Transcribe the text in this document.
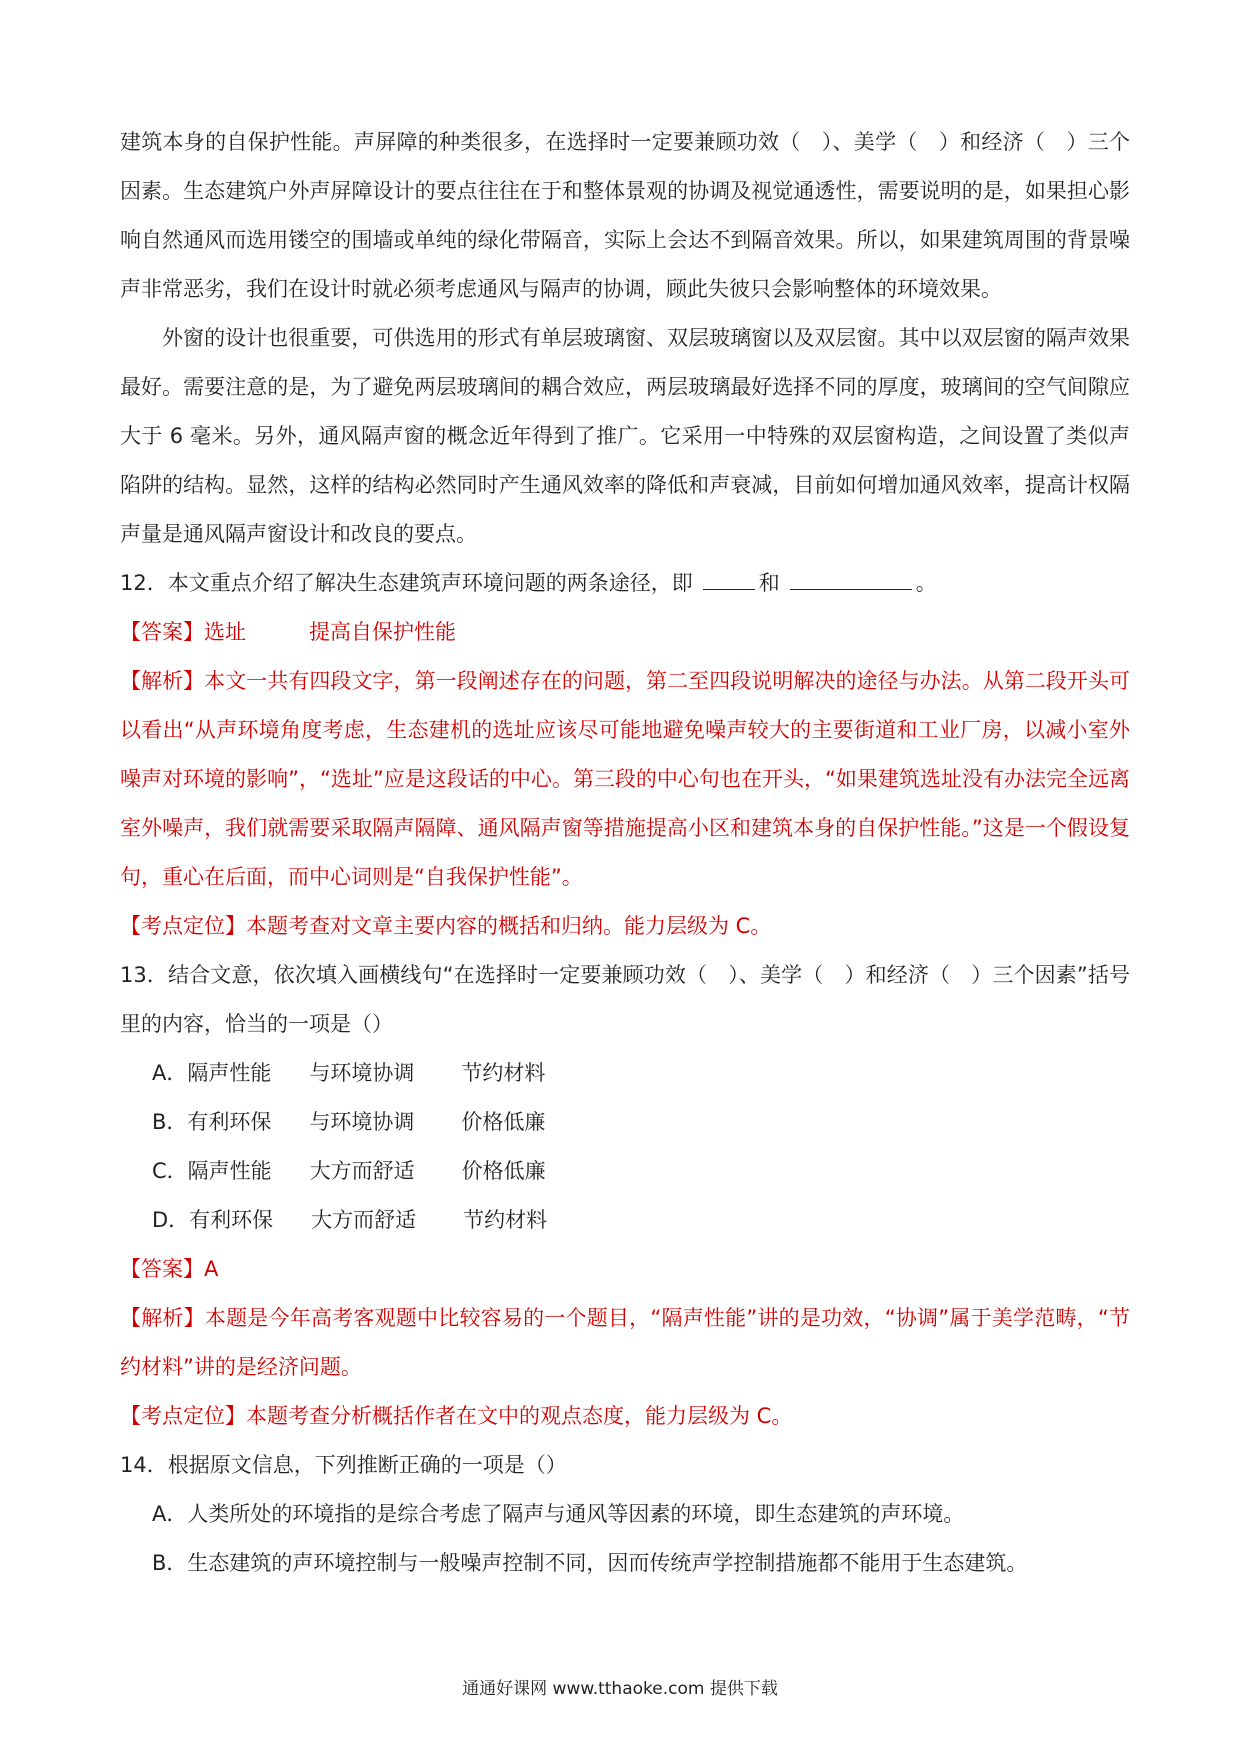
建筑本身的自保护性能。声屏障的种类很多，在选择时一定要兼顾功效（　）、美学（　）和经济（　）三个因素。生态建筑户外声屏障设计的要点往往在于和整体景观的协调及视觉通透性，需要说明的是，如果担心影响自然通风而选用镂空的围墙或单纯的绿化带隔音，实际上会达不到隔音效果。所以，如果建筑周围的背景噪声非常恶劣，我们在设计时就必须考虑通风与隔声的协调，顾此失彼只会影响整体的环境效果。

外窗的设计也很重要，可供选用的形式有单层玻璃窗、双层玻璃窗以及双层窗。其中以双层窗的隔声效果最好。需要注意的是，为了避免两层玻璃间的耦合效应，两层玻璃最好选择不同的厚度，玻璃间的空气间隙应大于 6 毫米。另外，通风隔声窗的概念近年得到了推广。它采用一中特殊的双层窗构造，之间设置了类似声陷阱的结构。显然，这样的结构必然同时产生通风效率的降低和声衰减，目前如何增加通风效率，提高计权隔声量是通风隔声窗设计和改良的要点。

12．本文重点介绍了解决生态建筑声环境问题的两条途径，即	和	。

【答案】选址　　　提高自保护性能

【解析】本文一共有四段文字，第一段阐述存在的问题，第二至四段说明解决的途径与办法。从第二段开头可以看出“从声环境角度考虑，生态建机的选址应该尽可能地避免噪声较大的主要街道和工业厂房，以减小室外噪声对环境的影响”，“选址”应是这段话的中心。第三段的中心句也在开头，“如果建筑选址没有办法完全远离室外噪声，我们就需要采取隔声隔障、通风隔声窗等措施提高小区和建筑本身的自保护性能。”这是一个假设复句，重心在后面，而中心词则是“自我保护性能”。

【考点定位】本题考查对文章主要内容的概括和归纳。能力层级为 C。

13．结合文意，依次填入画横线句“在选择时一定要兼顾功效（　）、美学（　）和经济（　）三个因素”括号里的内容，恰当的一项是（）

A．隔声性能 与环境协调 节约材料

B．有利环保 与环境协调 价格低廉

C．隔声性能 大方而舒适 价格低廉

D．有利环保 大方而舒适 节约材料

【答案】A

【解析】本题是今年高考客观题中比较容易的一个题目，“隔声性能”讲的是功效，“协调”属于美学范畴，“节约材料”讲的是经济问题。

【考点定位】本题考查分析概括作者在文中的观点态度，能力层级为 C。

14．根据原文信息，下列推断正确的一项是（）

A．人类所处的环境指的是综合考虑了隔声与通风等因素的环境，即生态建筑的声环境。

B．生态建筑的声环境控制与一般噪声控制不同，因而传统声学控制措施都不能用于生态建筑。

通通好课网 www.tthaoke.com 提供下载
